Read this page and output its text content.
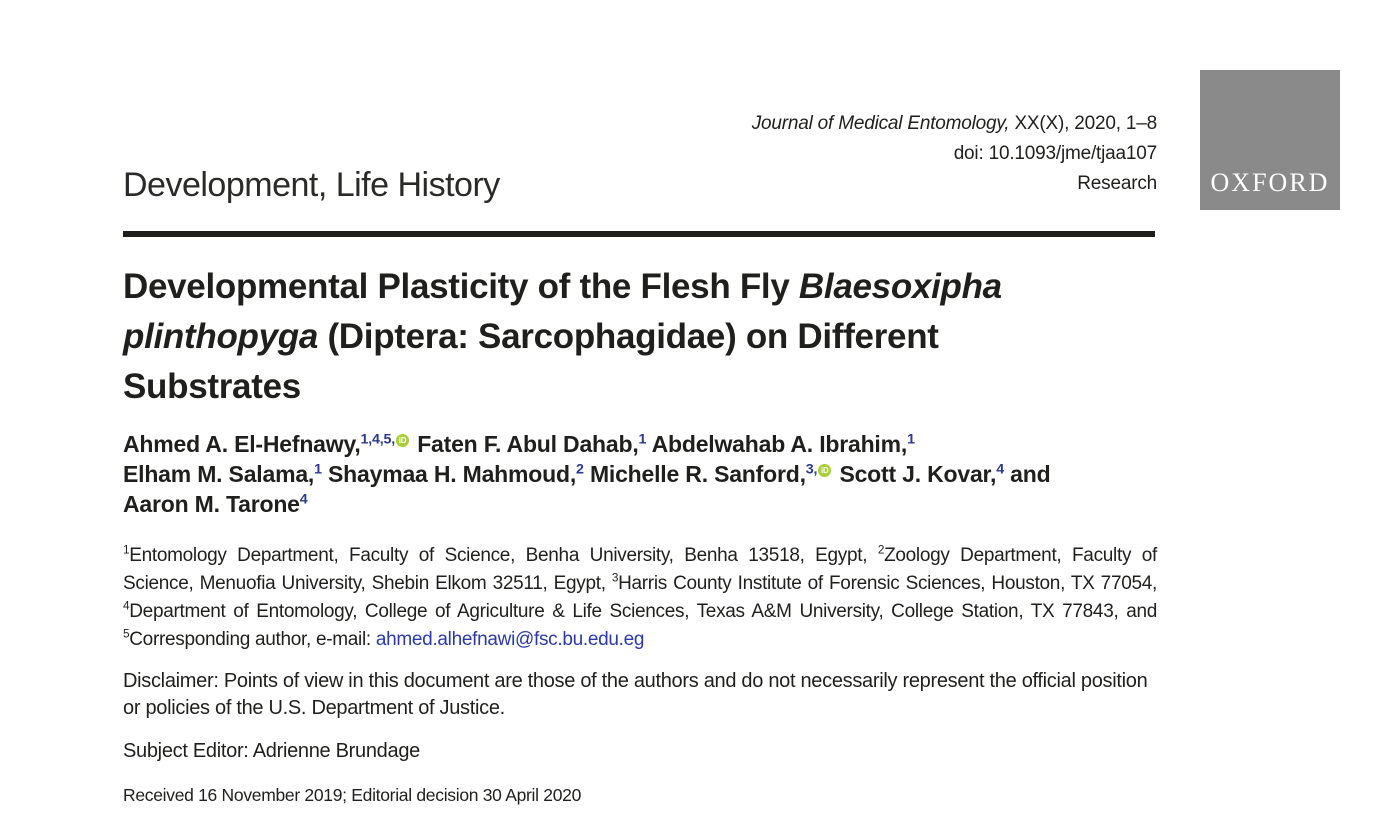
Journal of Medical Entomology, XX(X), 2020, 1–8
doi: 10.1093/jme/tjaa107
Research OXFORD
Development, Life History
Developmental Plasticity of the Flesh Fly Blaesoxipha
plinthopyga (Diptera: Sarcophagidae) on Different
Substrates
Ahmed A. El-Hefnawy,$^{1,4,5,}$ iD Faten F. Abul Dahab,$^1$ Abdelwahab A. Ibrahim,$^1$
Elham M. Salama,$^1$ Shaymaa H. Mahmoud,$^2$ Michelle R. Sanford,$^{3,}$ iD Scott J. Kovar,$^4$ and
Aaron M. Tarone$^4$
$^1$Entomology Department, Faculty of Science, Benha University, Benha 13518, Egypt, $^2$Zoology Department, Faculty of Science, Menuofia University, Shebin Elkom 32511, Egypt, $^3$Harris County Institute of Forensic Sciences, Houston, TX 77054, $^4$Department of Entomology, College of Agriculture & Life Sciences, Texas A&M University, College Station, TX 77843, and $^5$Corresponding author, e-mail: ahmed.alhefnawi@fsc.bu.edu.eg
Disclaimer: Points of view in this document are those of the authors and do not necessarily represent the official position or policies of the U.S. Department of Justice.
Subject Editor: Adrienne Brundage
Received 16 November 2019; Editorial decision 30 April 2020
